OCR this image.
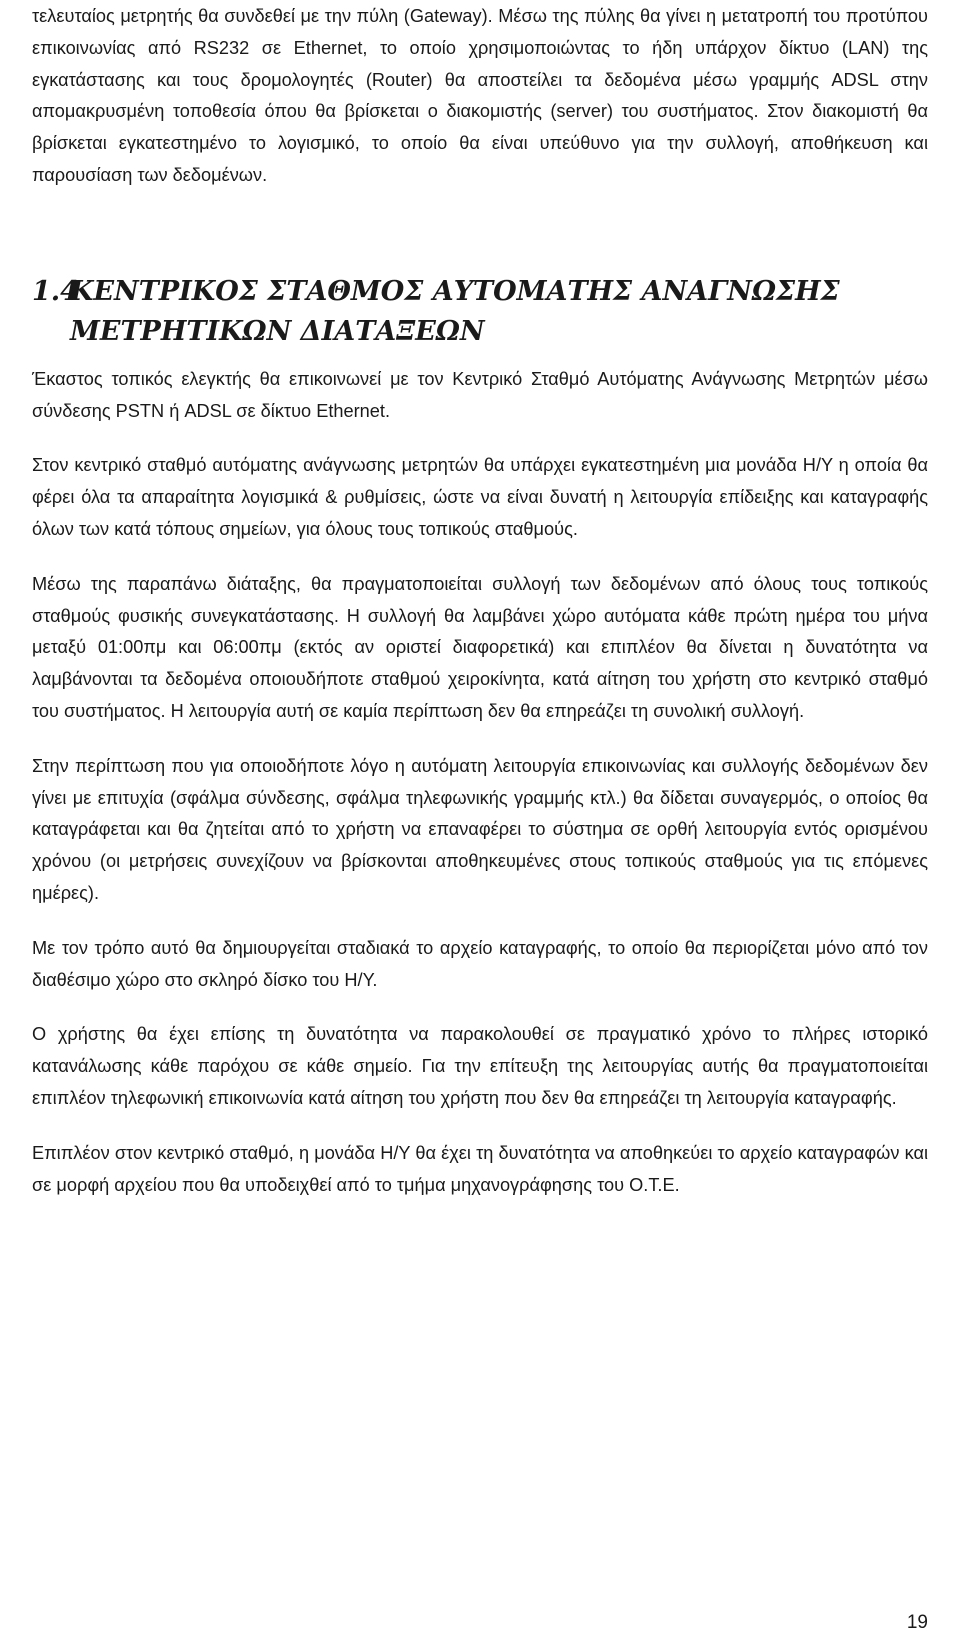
τελευταίος μετρητής θα συνδεθεί με την πύλη (Gateway). Μέσω της πύλης θα γίνει η μετατροπή του προτύπου επικοινωνίας από RS232 σε Ethernet, το οποίο χρησιμοποιώντας το ήδη υπάρχον δίκτυο (LAN) της εγκατάστασης και τους δρομολογητές (Router) θα αποστείλει τα δεδομένα μέσω γραμμής ADSL στην απομακρυσμένη τοποθεσία όπου θα βρίσκεται ο διακομιστής (server) του συστήματος. Στον διακομιστή θα βρίσκεται εγκατεστημένο το λογισμικό, το οποίο θα είναι υπεύθυνο για την συλλογή, αποθήκευση και παρουσίαση των δεδομένων.

1.4
ΚΕΝΤΡΙΚΟΣ ΣΤΑΘΜΟΣ ΑΥΤΟΜΑΤΗΣ ΑΝΑΓΝΩΣΗΣ ΜΕΤΡΗΤΙΚΩΝ ΔΙΑΤΑΞΕΩΝ

Έκαστος τοπικός ελεγκτής θα επικοινωνεί με τον Κεντρικό Σταθμό Αυτόματης Ανάγνωσης Μετρητών μέσω σύνδεσης PSTN ή ADSL σε δίκτυο Ethernet.

Στον κεντρικό σταθμό αυτόματης ανάγνωσης μετρητών θα υπάρχει εγκατεστημένη μια μονάδα Η/Υ η οποία θα φέρει όλα τα απαραίτητα λογισμικά & ρυθμίσεις, ώστε να είναι δυνατή η λειτουργία επίδειξης και καταγραφής όλων των κατά τόπους σημείων, για όλους τους τοπικούς σταθμούς.

Μέσω της παραπάνω διάταξης, θα πραγματοποιείται συλλογή των δεδομένων από όλους τους τοπικούς σταθμούς φυσικής συνεγκατάστασης. Η συλλογή θα λαμβάνει χώρο αυτόματα κάθε πρώτη ημέρα του μήνα μεταξύ 01:00πμ και 06:00πμ (εκτός αν οριστεί διαφορετικά) και επιπλέον θα δίνεται η δυνατότητα να λαμβάνονται τα δεδομένα οποιουδήποτε σταθμού χειροκίνητα, κατά αίτηση του χρήστη στο κεντρικό σταθμό του συστήματος. Η λειτουργία αυτή σε καμία περίπτωση δεν θα επηρεάζει τη συνολική συλλογή.

Στην περίπτωση που για οποιοδήποτε λόγο η αυτόματη λειτουργία επικοινωνίας και συλλογής δεδομένων δεν γίνει με επιτυχία (σφάλμα σύνδεσης, σφάλμα τηλεφωνικής γραμμής κτλ.) θα δίδεται συναγερμός, ο οποίος θα καταγράφεται και θα ζητείται από το χρήστη να επαναφέρει το σύστημα σε ορθή λειτουργία εντός ορισμένου χρόνου (οι μετρήσεις συνεχίζουν να βρίσκονται αποθηκευμένες στους τοπικούς σταθμούς για τις επόμενες ημέρες).

Με τον τρόπο αυτό θα δημιουργείται σταδιακά το αρχείο καταγραφής, το οποίο θα περιορίζεται μόνο από τον διαθέσιμο χώρο στο σκληρό δίσκο του Η/Υ.

Ο χρήστης θα έχει επίσης τη δυνατότητα να παρακολουθεί σε πραγματικό χρόνο το πλήρες ιστορικό κατανάλωσης κάθε παρόχου σε κάθε σημείο. Για την επίτευξη της λειτουργίας αυτής θα πραγματοποιείται επιπλέον τηλεφωνική επικοινωνία κατά αίτηση του χρήστη που δεν θα επηρεάζει τη λειτουργία καταγραφής.

Επιπλέον στον κεντρικό σταθμό, η μονάδα Η/Υ θα έχει τη δυνατότητα να αποθηκεύει το αρχείο καταγραφών και σε μορφή αρχείου που θα υποδειχθεί από το τμήμα μηχανογράφησης του Ο.Τ.Ε.

19
